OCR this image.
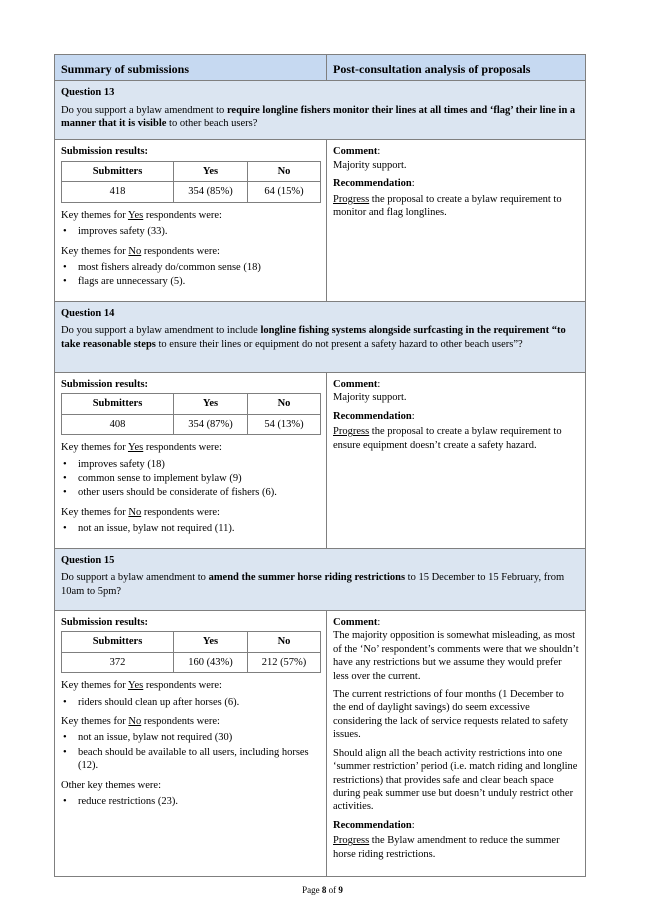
Summary of submissions	Post-consultation analysis of proposals

Question 13
Do you support a bylaw amendment to require longline fishers monitor their lines at all times and ‘flag’ their line in a manner that it is visible to other beach users?

Submission results:
Submitters	Yes	No
418	354 (85%)	64 (15%)
Key themes for Yes respondents were:
• improves safety (33).
Key themes for No respondents were:
• most fishers already do/common sense (18)
• flags are unnecessary (5).

Comment:
Majority support.
Recommendation:
Progress the proposal to create a bylaw requirement to monitor and flag longlines.

Question 14
Do you support a bylaw amendment to include longline fishing systems alongside surfcasting in the requirement “to take reasonable steps to ensure their lines or equipment do not present a safety hazard to other beach users”?

Submission results:
Submitters	Yes	No
408	354 (87%)	54 (13%)
Key themes for Yes respondents were:
• improves safety (18)
• common sense to implement bylaw (9)
• other users should be considerate of fishers (6).
Key themes for No respondents were:
• not an issue, bylaw not required (11).

Comment:
Majority support.
Recommendation:
Progress the proposal to create a bylaw requirement to ensure equipment doesn’t create a safety hazard.

Question 15
Do support a bylaw amendment to amend the summer horse riding restrictions to 15 December to 15 February, from 10am to 5pm?

Submission results:
Submitters	Yes	No
372	160 (43%)	212 (57%)
Key themes for Yes respondents were:
• riders should clean up after horses (6).
Key themes for No respondents were:
• not an issue, bylaw not required (30)
• beach should be available to all users, including horses (12).
Other key themes were:
• reduce restrictions (23).

Comment:
The majority opposition is somewhat misleading, as most of the ‘No’ respondent’s comments were that we shouldn’t have any restrictions but we assume they would prefer less over the current.
The current restrictions of four months (1 December to the end of daylight savings) do seem excessive considering the lack of service requests related to safety issues.
Should align all the beach activity restrictions into one ‘summer restriction’ period (i.e. match riding and longline restrictions) that provides safe and clear beach space during peak summer use but doesn’t unduly restrict other activities.
Recommendation:
Progress the Bylaw amendment to reduce the summer horse riding restrictions.
Page 8 of 9
